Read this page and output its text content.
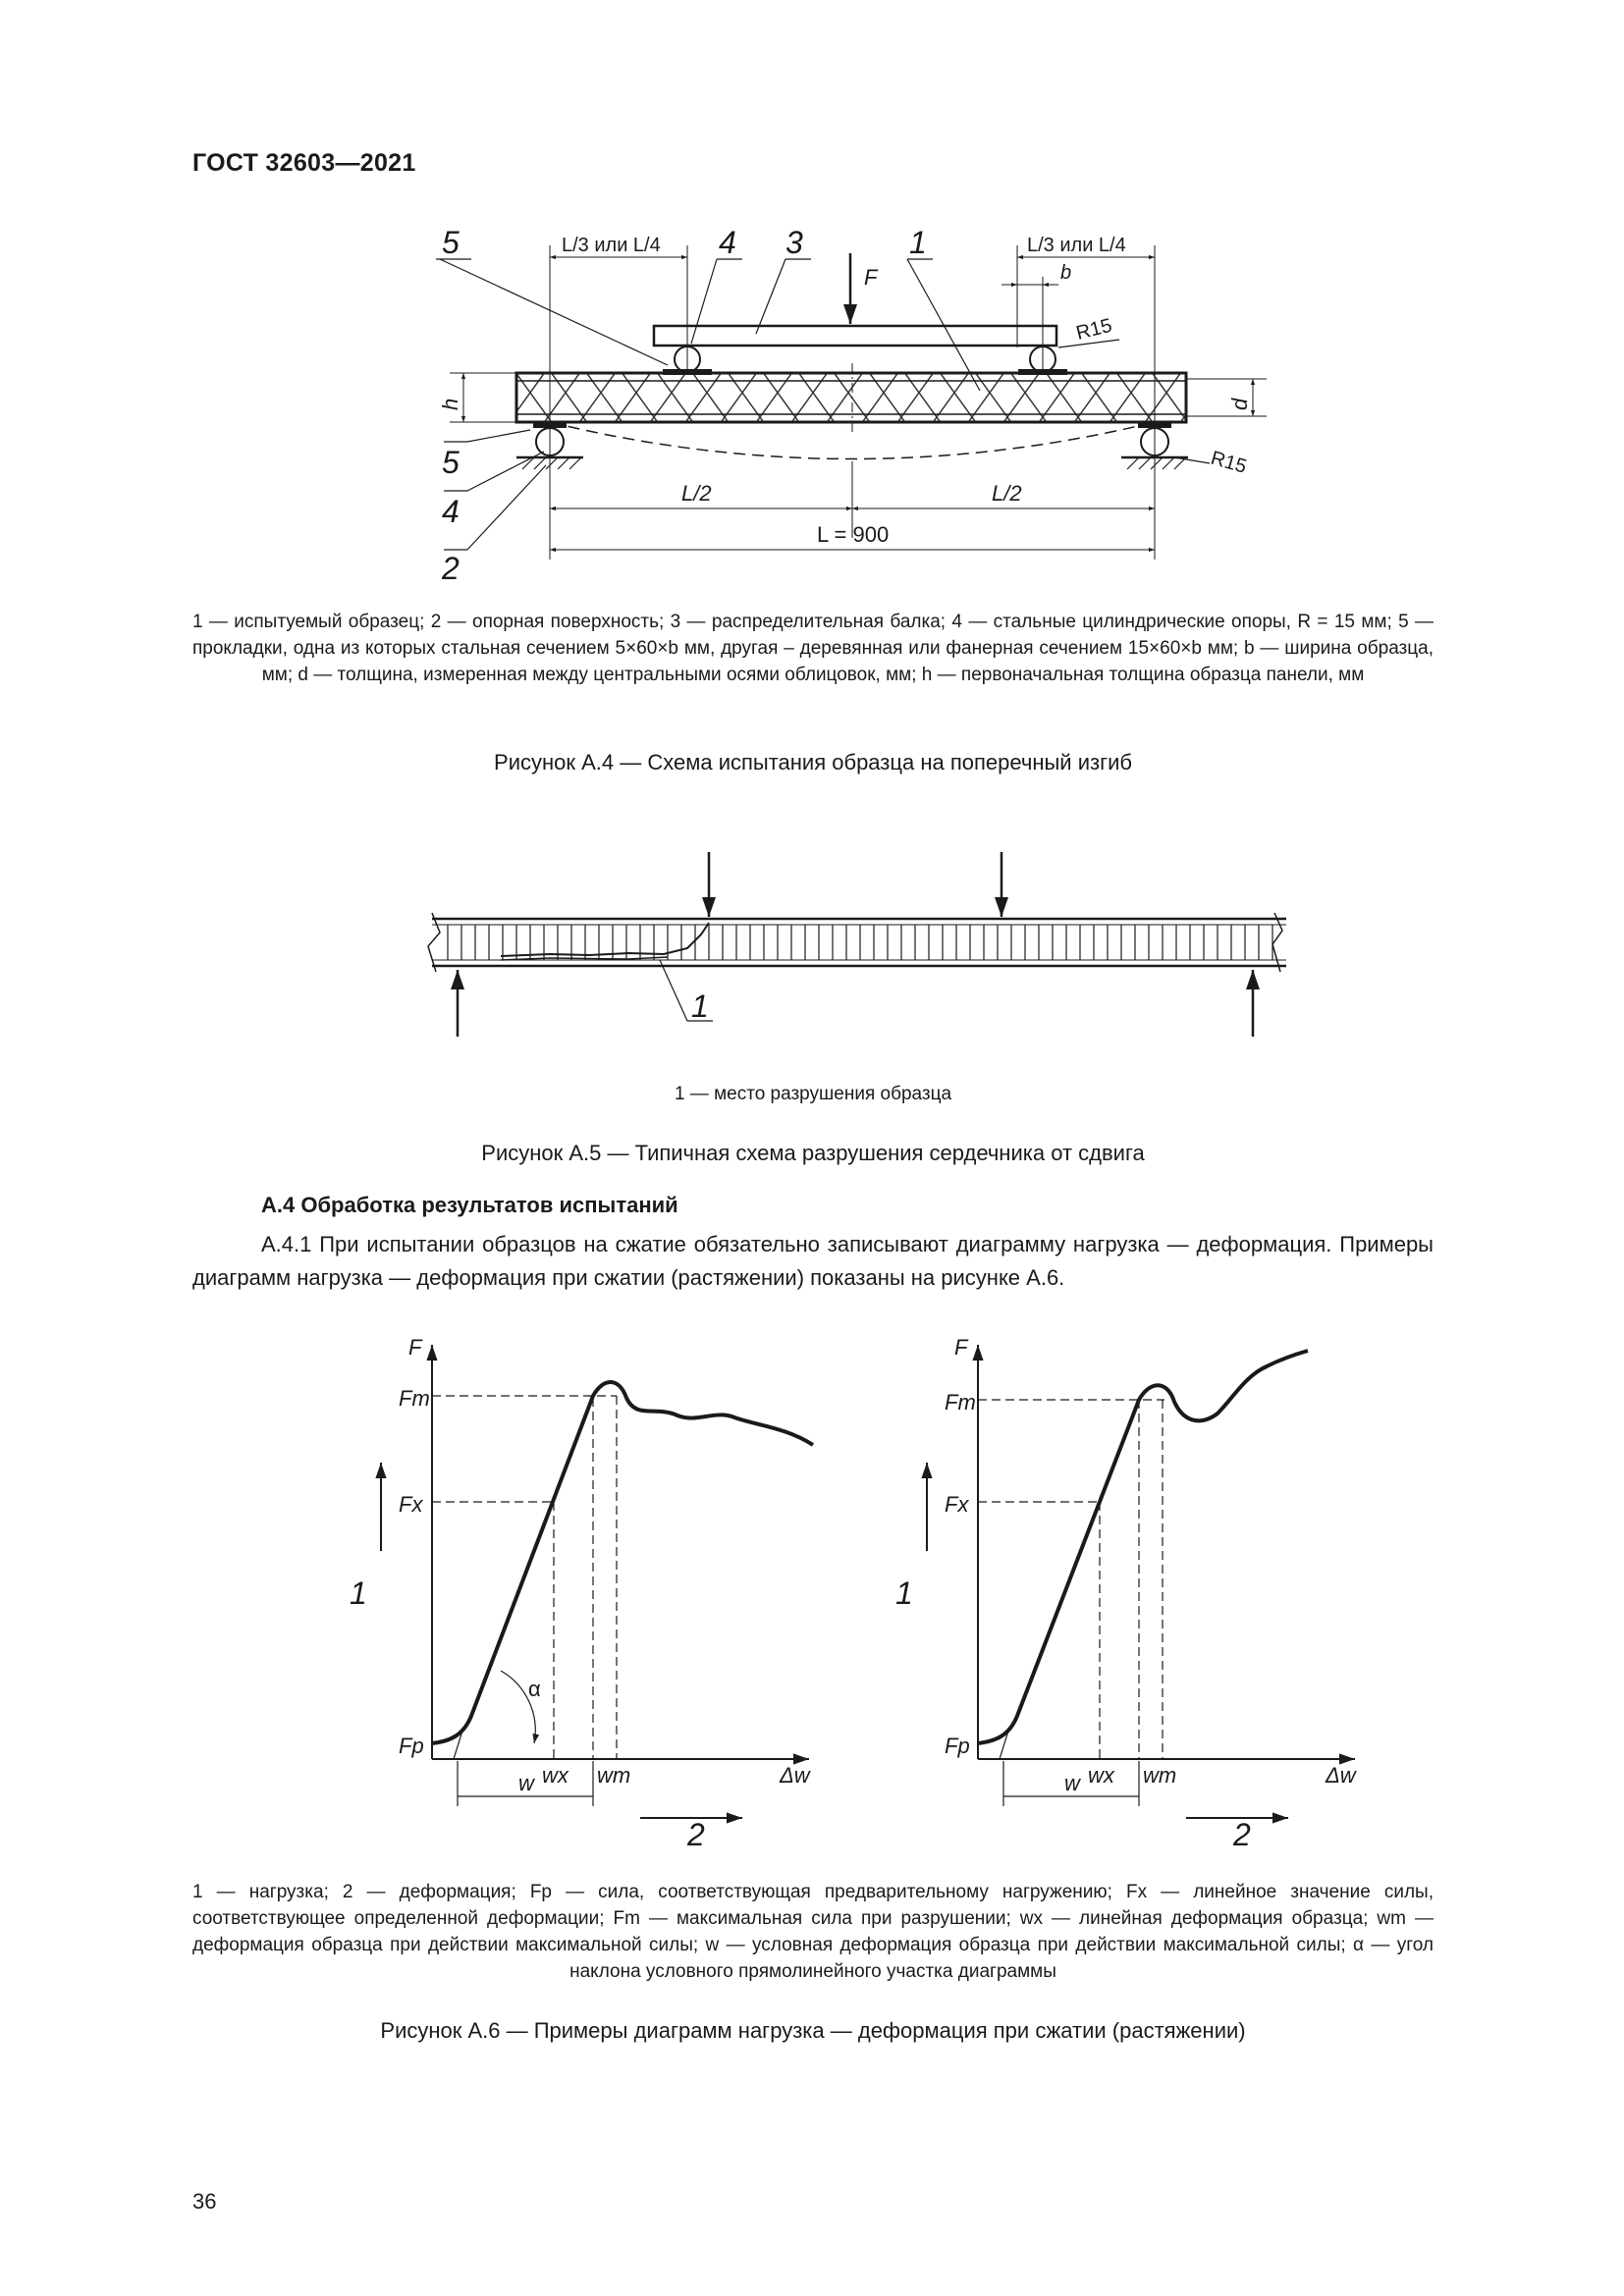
ГОСТ 32603—2021
5	4 3	1
L/3 или L/4	L/3 или L/4
b
F
R15
R15
h	d
5
4
2
L/2	L/2
L = 900
1 — испытуемый образец; 2 — опорная поверхность; 3 — распределительная балка; 4 — стальные цилиндрические опоры, R = 15 мм; 5 — прокладки, одна из которых стальная сечением 5×60×b мм, другая – деревянная или фанерная сечением 15×60×b мм; b — ширина образца, мм; d — толщина, измеренная между центральными осями облицовок, мм; h — первоначальная толщина образца панели, мм
Рисунок А.4 — Схема испытания образца на поперечный изгиб
1
1 — место разрушения образца
Рисунок А.5 — Типичная схема разрушения сердечника от сдвига
А.4 Обработка результатов испытаний
А.4.1 При испытании образцов на сжатие обязательно записывают диаграмму нагрузка — деформация. Примеры диаграмм нагрузка — деформация при сжатии (растяжении) показаны на рисунке А.6.
F
Fm
Fx
Fp
1
2
wx wm	Δw
w
α
F
Fm
Fx
Fp
1
2
wx wm	Δw
w
1 — нагрузка; 2 — деформация; Fp — сила, соответствующая предварительному нагружению; Fx — линейное значение силы, соответствующее определенной деформации; Fm — максимальная сила при разрушении; wx — линейная деформация образца; wm — деформация образца при действии максимальной силы; w — условная деформация образца при действии максимальной силы; α — угол наклона условного прямолинейного участка диаграммы
Рисунок А.6 — Примеры диаграмм нагрузка — деформация при сжатии (растяжении)
36
